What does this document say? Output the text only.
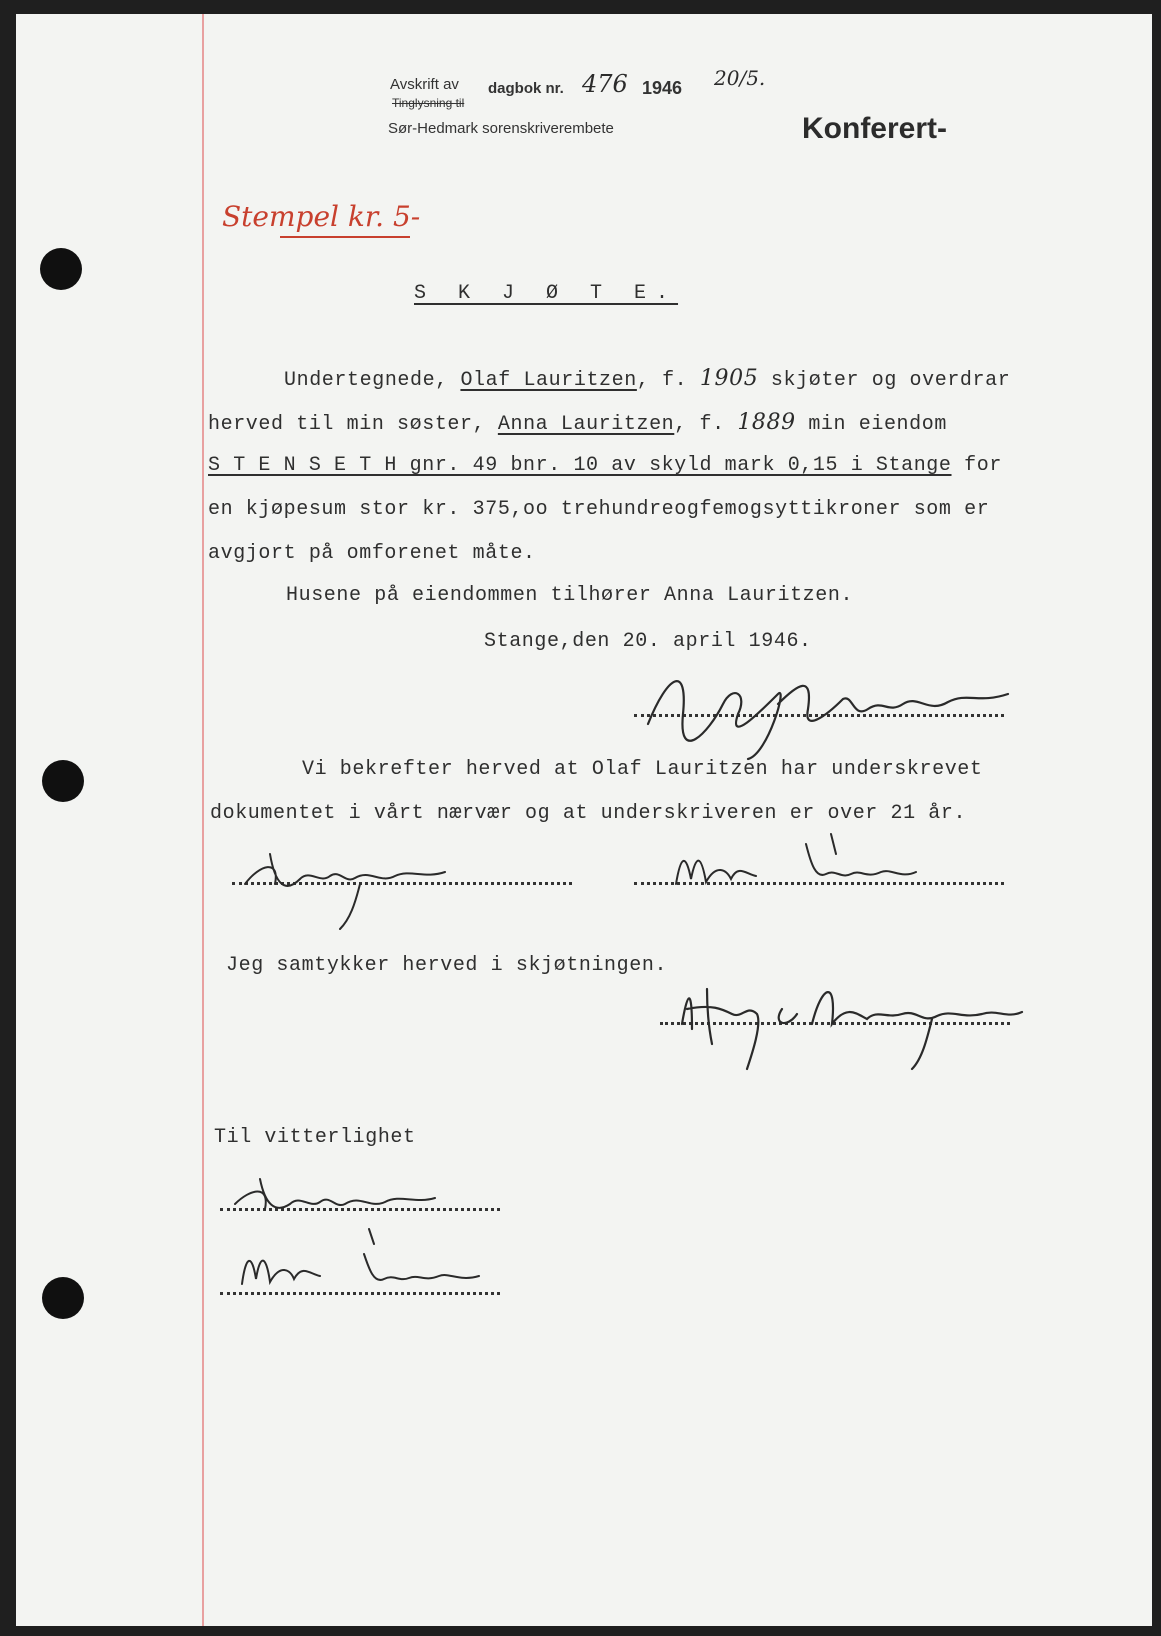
Avskrift av
Tinglysning til
dagbok nr. 476 1946 20/5.
Sør-Hedmark sorenskriverembete	Konferert-
Stempel kr. 5-
S K J Ø T E.
Undertegnede, Olaf Lauritzen, f. 1905 skjøter og overdrar
herved til min søster, Anna Lauritzen, f. 1889 min eiendom
S T E N S E T H gnr. 49 bnr. 10 av skyld mark 0,15 i Stange for
en kjøpesum stor kr. 375,oo trehundreogfemogsyttikroner som er
avgjort på omforenet måte.
Husene på eiendommen tilhører Anna Lauritzen.
Stange,den 20. april 1946.
Vi bekrefter herved at Olaf Lauritzen har underskrevet
dokumentet i vårt nærvær og at underskriveren er over 21 år.
Jeg samtykker herved i skjøtningen.
Til vitterlighet
